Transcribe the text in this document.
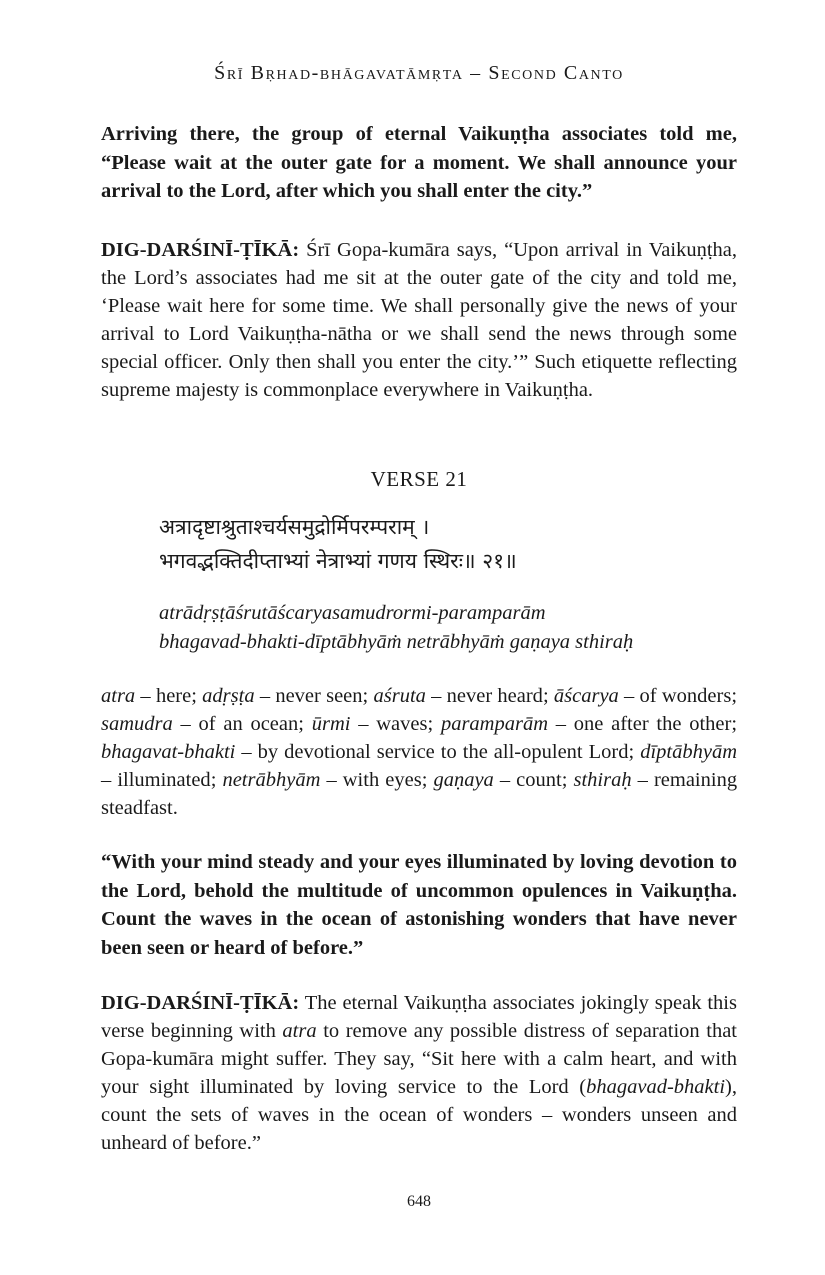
Śrī Bṛhad-bhāgavatāmṛta – Second Canto

Arriving there, the group of eternal Vaikuṇṭha associates told me, “Please wait at the outer gate for a moment. We shall announce your arrival to the Lord, after which you shall enter the city.”

DIG-DARŚINĪ-ṬĪKĀ: Śrī Gopa-kumāra says, “Upon arrival in Vaikuṇṭha, the Lord’s associates had me sit at the outer gate of the city and told me, ‘Please wait here for some time. We shall personally give the news of your arrival to Lord Vaikuṇṭha-nātha or we shall send the news through some special officer. Only then shall you enter the city.’” Such etiquette reflecting supreme majesty is commonplace everywhere in Vaikuṇṭha.

VERSE 21
अत्रादृष्टाश्रुताश्चर्यसमुद्रोर्मिपरम्पराम् ।
भगवद्भक्तिदीप्ताभ्यां नेत्राभ्यां गणय स्थिरः॥ २१॥
atrādṛṣṭāśrutāścaryasamudrormi-paramparām
bhagavad-bhakti-dīptābhyāṁ netrābhyāṁ gaṇaya sthiraḥ

atra – here; adṛṣṭa – never seen; aśruta – never heard; āścarya – of wonders; samudra – of an ocean; ūrmi – waves; paramparām – one after the other; bhagavat-bhakti – by devotional service to the all-opulent Lord; dīptābhyām – illuminated; netrābhyām – with eyes; gaṇaya – count; sthiraḥ – remaining steadfast.

“With your mind steady and your eyes illuminated by loving devotion to the Lord, behold the multitude of uncommon opulences in Vaikuṇṭha. Count the waves in the ocean of astonishing wonders that have never been seen or heard of before.”

DIG-DARŚINĪ-ṬĪKĀ: The eternal Vaikuṇṭha associates jokingly speak this verse beginning with atra to remove any possible distress of separation that Gopa-kumāra might suffer. They say, “Sit here with a calm heart, and with your sight illuminated by loving service to the Lord (bhagavad-bhakti), count the sets of waves in the ocean of wonders – wonders unseen and unheard of before.”

648
